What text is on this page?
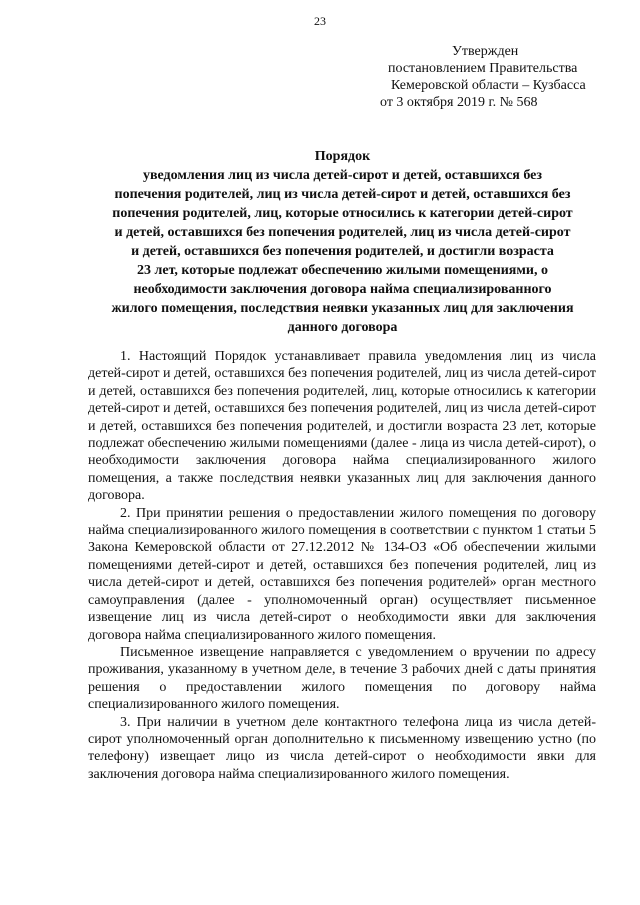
23
Утвержден
постановлением Правительства
Кемеровской области – Кузбасса
от 3 октября 2019 г. № 568
Порядок
уведомления лиц из числа детей-сирот и детей, оставшихся без
попечения родителей, лиц из числа детей-сирот и детей, оставшихся без
попечения родителей, лиц, которые относились к категории детей-сирот
и детей, оставшихся без попечения родителей, лиц из числа детей-сирот
и детей, оставшихся без попечения родителей, и достигли возраста
23 лет, которые подлежат обеспечению жилыми помещениями, о
необходимости заключения договора найма специализированного
жилого помещения, последствия неявки указанных лиц для заключения
данного договора

1. Настоящий Порядок устанавливает правила уведомления лиц из числа детей-сирот и детей, оставшихся без попечения родителей, лиц из числа детей-сирот и детей, оставшихся без попечения родителей, лиц, которые относились к категории детей-сирот и детей, оставшихся без попечения родителей, лиц из числа детей-сирот и детей, оставшихся без попечения родителей, и достигли возраста 23 лет, которые подлежат обеспечению жилыми помещениями (далее - лица из числа детей-сирот), о необходимости заключения договора найма специализированного жилого помещения, а также последствия неявки указанных лиц для заключения данного договора.

2. При принятии решения о предоставлении жилого помещения по договору найма специализированного жилого помещения в соответствии с пунктом 1 статьи 5 Закона Кемеровской области от 27.12.2012 № 134-ОЗ «Об обеспечении жилыми помещениями детей-сирот и детей, оставшихся без попечения родителей, лиц из числа детей-сирот и детей, оставшихся без попечения родителей» орган местного самоуправления (далее - уполномоченный орган) осуществляет письменное извещение лиц из числа детей-сирот о необходимости явки для заключения договора найма специализированного жилого помещения.

Письменное извещение направляется с уведомлением о вручении по адресу проживания, указанному в учетном деле, в течение 3 рабочих дней с даты принятия решения о предоставлении жилого помещения по договору найма специализированного жилого помещения.

3. При наличии в учетном деле контактного телефона лица из числа детей-сирот уполномоченный орган дополнительно к письменному извещению устно (по телефону) извещает лицо из числа детей-сирот о необходимости явки для заключения договора найма специализированного жилого помещения.
